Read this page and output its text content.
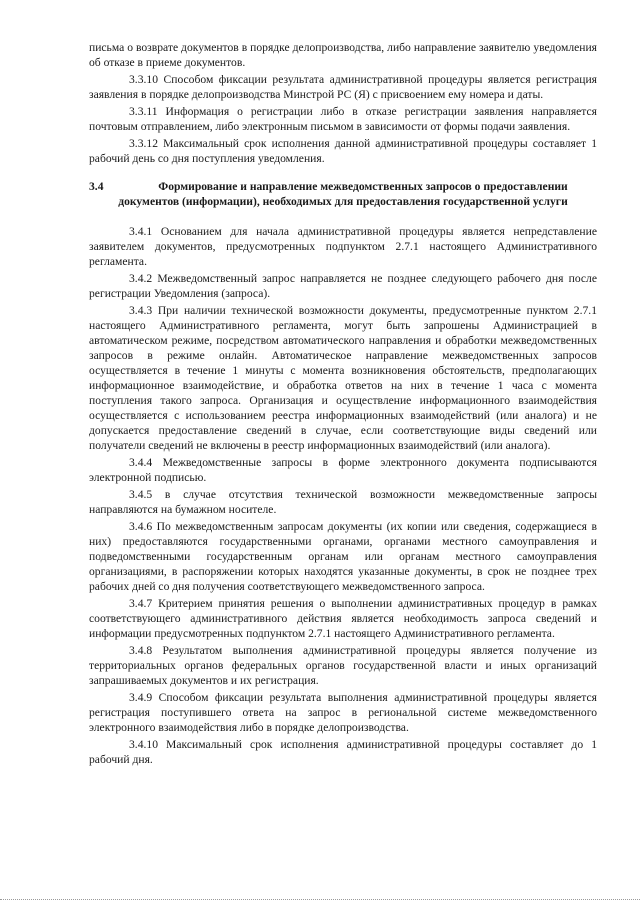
письма о возврате документов в порядке делопроизводства, либо направление заявителю уведомления об отказе в приеме документов.

3.3.10 Способом фиксации результата административной процедуры является регистрация заявления в порядке делопроизводства Минстрой РС (Я) с присвоением ему номера и даты.

3.3.11 Информация о регистрации либо в отказе регистрации заявления направляется почтовым отправлением, либо электронным письмом в зависимости от формы подачи заявления.

3.3.12 Максимальный срок исполнения данной административной процедуры составляет 1 рабочий день со дня поступления уведомления.

3.4	Формирование и направление межведомственных запросов о предоставлении документов (информации), необходимых для предоставления государственной услуги

3.4.1 Основанием для начала административной процедуры является непредставление заявителем документов, предусмотренных подпунктом 2.7.1 настоящего Административного регламента.

3.4.2 Межведомственный запрос направляется не позднее следующего рабочего дня после регистрации Уведомления (запроса).

3.4.3 При наличии технической возможности документы, предусмотренные пунктом 2.7.1 настоящего Административного регламента, могут быть запрошены Администрацией в автоматическом режиме, посредством автоматического направления и обработки межведомственных запросов в режиме онлайн. Автоматическое направление межведомственных запросов осуществляется в течение 1 минуты с момента возникновения обстоятельств, предполагающих информационное взаимодействие, и обработка ответов на них в течение 1 часа с момента поступления такого запроса. Организация и осуществление информационного взаимодействия осуществляется с использованием реестра информационных взаимодействий (или аналога) и не допускается предоставление сведений в случае, если соответствующие виды сведений или получатели сведений не включены в реестр информационных взаимодействий (или аналога).

3.4.4 Межведомственные запросы в форме электронного документа подписываются электронной подписью.

3.4.5 в случае отсутствия технической возможности межведомственные запросы направляются на бумажном носителе.

3.4.6 По межведомственным запросам документы (их копии или сведения, содержащиеся в них) предоставляются государственными органами, органами местного самоуправления и подведомственными государственным органам или органам местного самоуправления организациями, в распоряжении которых находятся указанные документы, в срок не позднее трех рабочих дней со дня получения соответствующего межведомственного запроса.

3.4.7 Критерием принятия решения о выполнении административных процедур в рамках соответствующего административного действия является необходимость запроса сведений и информации предусмотренных подпунктом 2.7.1 настоящего Административного регламента.

3.4.8 Результатом выполнения административной процедуры является получение из территориальных органов федеральных органов государственной власти и иных организаций запрашиваемых документов и их регистрация.

3.4.9 Способом фиксации результата выполнения административной процедуры является регистрация поступившего ответа на запрос в региональной системе межведомственного электронного взаимодействия либо в порядке делопроизводства.

3.4.10 Максимальный срок исполнения административной процедуры составляет до 1 рабочий дня.
